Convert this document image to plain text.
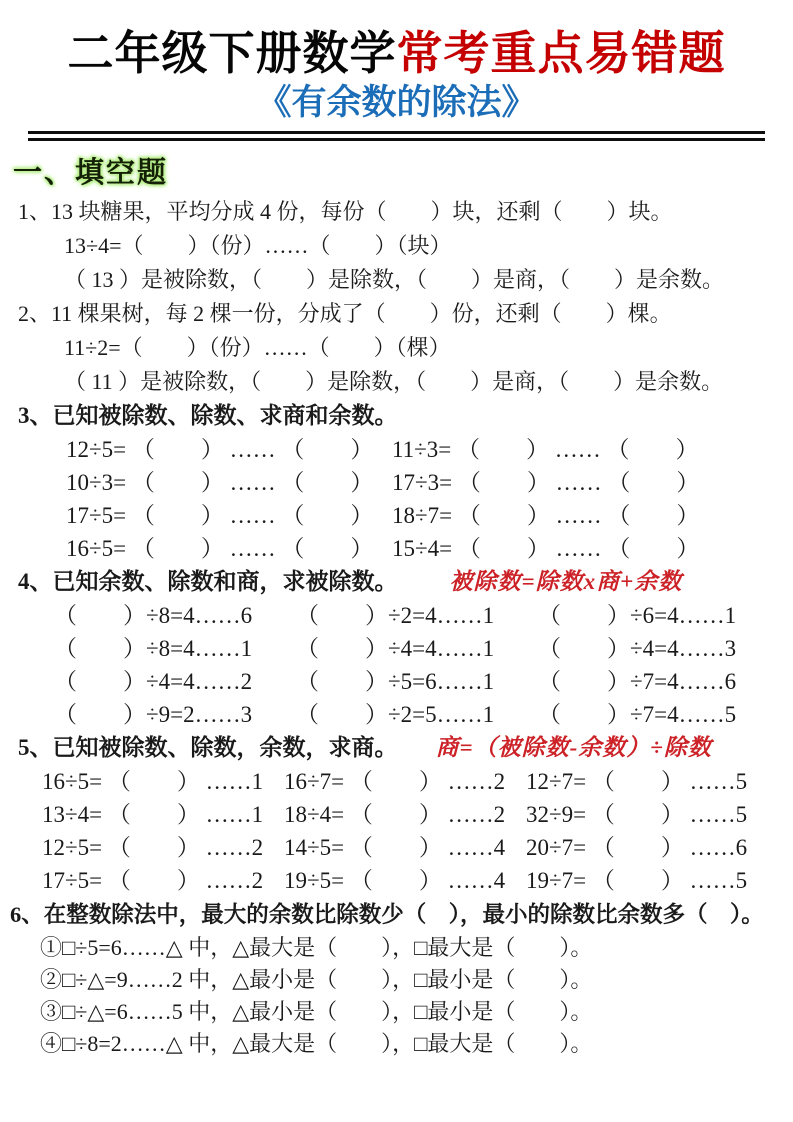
二年级下册数学常考重点易错题
《有余数的除法》
一、填空题
1、13 块糖果，平均分成 4 份，每份（　　）块，还剩（　　）块。
13÷4=（　　）（份）……（　　）（块）
（ 13 ）是被除数，（　　）是除数，（　　）是商，（　　）是余数。
2、11 棵果树，每 2 棵一份，分成了（　　）份，还剩（　　）棵。
11÷2=（　　）（份）……（　　）（棵）
（ 11 ）是被除数，（　　）是除数，（　　）是商，（　　）是余数。
3、已知被除数、除数、求商和余数。
12÷5= （　　） …… （　　） 11÷3= （　　） …… （　　）
10÷3= （　　） …… （　　） 17÷3= （　　） …… （　　）
17÷5= （　　） …… （　　） 18÷7= （　　） …… （　　）
16÷5= （　　） …… （　　） 15÷4= （　　） …… （　　）
4、已知余数、除数和商，求被除数。 被除数=除数x商+余数
（　　）÷8=4……6	（　　）÷2=4……1	（　　）÷6=4……1
（　　）÷8=4……1	（　　）÷4=4……1	（　　）÷4=4……3
（　　）÷4=4……2	（　　）÷5=6……1	（　　）÷7=4……6
（　　）÷9=2……3	（　　）÷2=5……1	（　　）÷7=4……5
5、已知被除数、除数，余数，求商。 商=（被除数-余数）÷除数
16÷5= （　　） ……1 16÷7= （　　） ……2 12÷7= （　　） ……5
13÷4= （　　） ……1 18÷4= （　　） ……2 32÷9= （　　） ……5
12÷5= （　　） ……2 14÷5= （　　） ……4 20÷7= （　　） ……6
17÷5= （　　） ……2 19÷5= （　　） ……4 19÷7= （　　） ……5
6、在整数除法中，最大的余数比除数少（　），最小的除数比余数多（　）。
①□÷5=6……△ 中，△最大是（　　），□最大是（　　）。
②□÷△=9……2 中，△最小是（　　），□最小是（　　）。
③□÷△=6……5 中，△最小是（　　），□最小是（　　）。
④□÷8=2……△ 中，△最大是（　　），□最大是（　　）。
